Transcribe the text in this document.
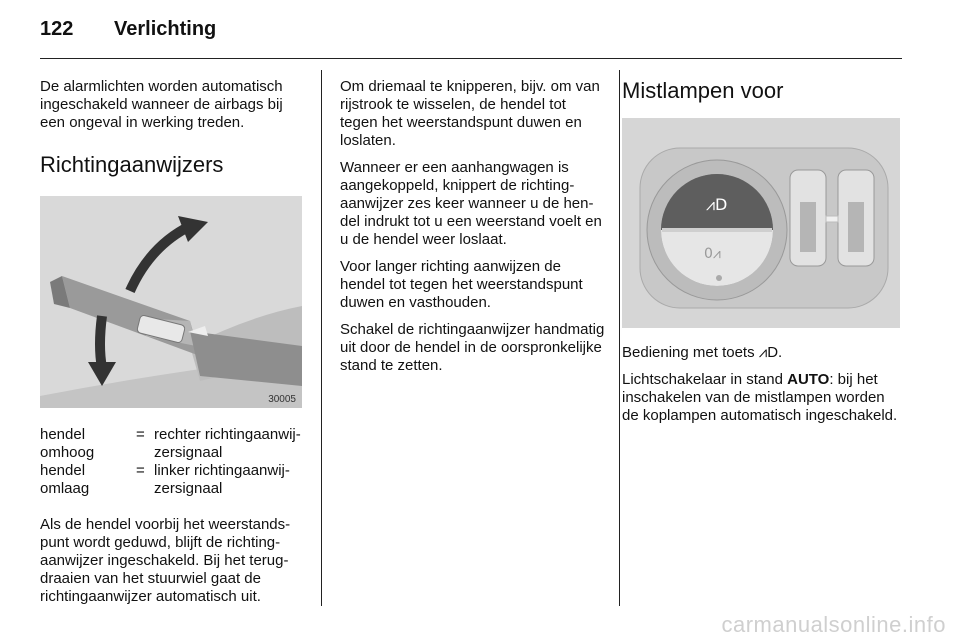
122 Verlichting

De alarmlichten worden automatisch ingeschakeld wanneer de airbags bij een ongeval in werking treden.

Richtingaanwijzers
30005
hendel omhoog
= rechter richtingaanwijzersignaal
hendel omlaag
= linker richtingaanwijzersignaal

Als de hendel voorbij het weerstandspunt wordt geduwd, blijft de richtingaanwijzer ingeschakeld. Bij het terugdraaien van het stuurwiel gaat de richtingaanwijzer automatisch uit.

Om driemaal te knipperen, bijv. om van rijstrook te wisselen, de hendel tot tegen het weerstandspunt duwen en loslaten.

Wanneer er een aanhangwagen is aangekoppeld, knippert de richtingaanwijzer zes keer wanneer u de hendel indrukt tot u een weerstand voelt en u de hendel weer loslaat.

Voor langer richting aanwijzen de hendel tot tegen het weerstandspunt duwen en vasthouden.

Schakel de richtingaanwijzer handmatig uit door de hendel in de oorspronkelijke stand te zetten.

Mistlampen voor
⩘D
0⩘

Bediening met toets ⩘D.

Lichtschakelaar in stand AUTO: bij het inschakelen van de mistlampen worden de koplampen automatisch ingeschakeld.

carmanualsonline.info
